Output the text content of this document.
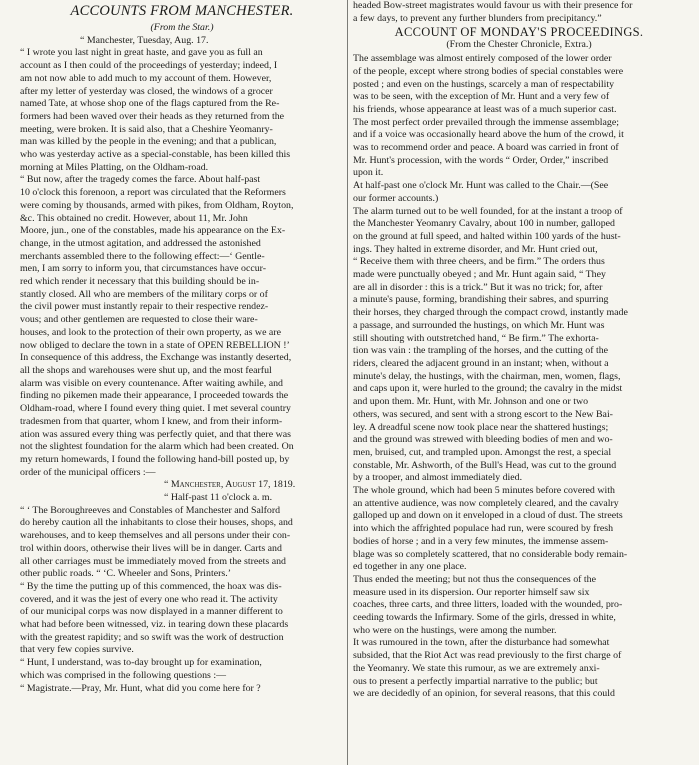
ACCOUNTS FROM MANCHESTER.
(From the Star.)
“ Manchester, Tuesday, Aug. 17.
“ I wrote you last night in great haste, and gave you as full an
account as I then could of the proceedings of yesterday; indeed, I
am not now able to add much to my account of them. However,
after my letter of yesterday was closed, the windows of a grocer
named Tate, at whose shop one of the flags captured from the Re-
formers had been waved over their heads as they returned from the
meeting, were broken. It is said also, that a Cheshire Yeomanry-
man was killed by the people in the evening; and that a publican,
who was yesterday active as a special-constable, has been killed this
morning at Miles Platting, on the Oldham-road.
“ But now, after the tragedy comes the farce. About half-past
10 o'clock this forenoon, a report was circulated that the Reformers
were coming by thousands, armed with pikes, from Oldham, Royton,
&c. This obtained no credit. However, about 11, Mr. John
Moore, jun., one of the constables, made his appearance on the Ex-
change, in the utmost agitation, and addressed the astonished
merchants assembled there to the following effect:—‘ Gentle-
men, I am sorry to inform you, that circumstances have occur-
red which render it necessary that this building should be in-
stantly closed. All who are members of the military corps or of
the civil power must instantly repair to their respective rendez-
vous; and other gentlemen are requested to close their ware-
houses, and look to the protection of their own property, as we are
now obliged to declare the town in a state of OPEN REBELLION !’
In consequence of this address, the Exchange was instantly deserted,
all the shops and warehouses were shut up, and the most fearful
alarm was visible on every countenance. After waiting awhile, and
finding no pikemen made their appearance, I proceeded towards the
Oldham-road, where I found every thing quiet. I met several country
tradesmen from that quarter, whom I knew, and from their inform-
ation was assured every thing was perfectly quiet, and that there was
not the slightest foundation for the alarm which had been created. On
my return homewards, I found the following hand-bill posted up, by
order of the municipal officers :—
“ Manchester, August 17, 1819.
“ Half-past 11 o'clock a. m.
“ ‘ The Boroughreeves and Constables of Manchester and Salford
do hereby caution all the inhabitants to close their houses, shops, and
warehouses, and to keep themselves and all persons under their con-
trol within doors, otherwise their lives will be in danger. Carts and
all other carriages must be immediately moved from the streets and
other public roads. “ ‘C. Wheeler and Sons, Printers.’
“ By the time the putting up of this commenced, the hoax was dis-
covered, and it was the jest of every one who read it. The activity
of our municipal corps was now displayed in a manner different to
what had before been witnessed, viz. in tearing down these placards
with the greatest rapidity; and so swift was the work of destruction
that very few copies survive.
“ Hunt, I understand, was to-day brought up for examination,
which was comprised in the following questions :—
“ Magistrate.—Pray, Mr. Hunt, what did you come here for ?
headed Bow-street magistrates would favour us with their presence for
a few days, to prevent any further blunders from precipitancy.”
ACCOUNT OF MONDAY'S PROCEEDINGS.
(From the Chester Chronicle, Extra.)
The assemblage was almost entirely composed of the lower order
of the people, except where strong bodies of special constables were
posted ; and even on the hustings, scarcely a man of respectability
was to be seen, with the exception of Mr. Hunt and a very few of
his friends, whose appearance at least was of a much superior cast.
The most perfect order prevailed through the immense assemblage;
and if a voice was occasionally heard above the hum of the crowd, it
was to recommend order and peace. A board was carried in front of
Mr. Hunt's procession, with the words “ Order, Order,” inscribed
upon it.
At half-past one o'clock Mr. Hunt was called to the Chair.—(See
our former accounts.)
The alarm turned out to be well founded, for at the instant a troop of
the Manchester Yeomanry Cavalry, about 100 in number, galloped
on the ground at full speed, and halted within 100 yards of the hust-
ings. They halted in extreme disorder, and Mr. Hunt cried out,
“ Receive them with three cheers, and be firm.” The orders thus
made were punctually obeyed ; and Mr. Hunt again said, “ They
are all in disorder : this is a trick.” But it was no trick; for, after
a minute's pause, forming, brandishing their sabres, and spurring
their horses, they charged through the compact crowd, instantly made
a passage, and surrounded the hustings, on which Mr. Hunt was
still shouting with outstretched hand, “ Be firm.” The exhorta-
tion was vain : the trampling of the horses, and the cutting of the
riders, cleared the adjacent ground in an instant; when, without a
minute's delay, the hustings, with the chairman, men, women, flags,
and caps upon it, were hurled to the ground; the cavalry in the midst
and upon them. Mr. Hunt, with Mr. Johnson and one or two
others, was secured, and sent with a strong escort to the New Bai-
ley. A dreadful scene now took place near the shattered hustings;
and the ground was strewed with bleeding bodies of men and wo-
men, bruised, cut, and trampled upon. Amongst the rest, a special
constable, Mr. Ashworth, of the Bull's Head, was cut to the ground
by a trooper, and almost immediately died.
The whole ground, which had been 5 minutes before covered with
an attentive audience, was now completely cleared, and the cavalry
galloped up and down on it enveloped in a cloud of dust. The streets
into which the affrighted populace had run, were scoured by fresh
bodies of horse ; and in a very few minutes, the immense assem-
blage was so completely scattered, that no considerable body remain-
ed together in any one place.
Thus ended the meeting; but not thus the consequences of the
measure used in its dispersion. Our reporter himself saw six
coaches, three carts, and three litters, loaded with the wounded, pro-
ceeding towards the Infirmary. Some of the girls, dressed in white,
who were on the hustings, were among the number.
It was rumoured in the town, after the disturbance had somewhat
subsided, that the Riot Act was read previously to the first charge of
the Yeomanry. We state this rumour, as we are extremely anxi-
ous to present a perfectly impartial narrative to the public; but
we are decidedly of an opinion, for several reasons, that this could
